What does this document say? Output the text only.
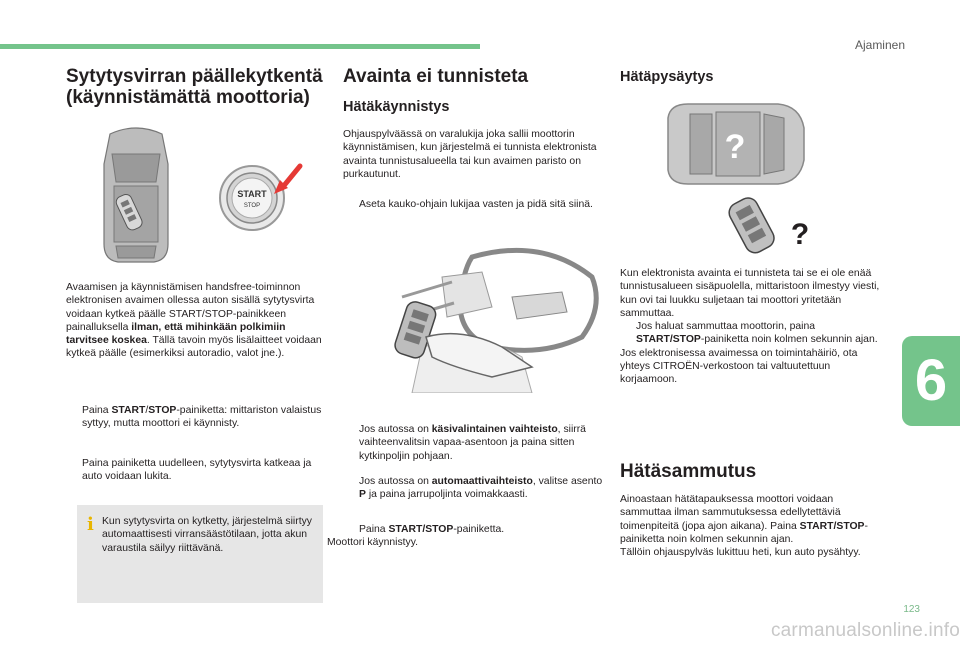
Ajaminen

Sytytysvirran päällekytkentä

(käynnistämättä moottoria)

START
STOP

Avaamisen ja käynnistämisen handsfree-toiminnon elektronisen avaimen ollessa auton sisällä sytytysvirta voidaan kytkeä päälle START/STOP-painikkeen painalluksella ilman, että mihinkään polkimiin tarvitsee koskea. Tällä tavoin myös lisälaitteet voidaan kytkeä päälle (esimerkiksi autoradio, valot jne.).

Paina START/STOP-painiketta: mittariston valaistus syttyy, mutta moottori ei käynnisty.

Paina painiketta uudelleen, sytytysvirta katkeaa ja auto voidaan lukita.

i Kun sytytysvirta on kytketty, järjestelmä siirtyy automaattisesti virransäästötilaan, jotta akun varaustila säilyy riittävänä.

Avainta ei tunnisteta

Hätäkäynnistys

Ohjauspylväässä on varalukija joka sallii moottorin käynnistämisen, kun järjestelmä ei tunnista elektronista avainta tunnistusalueella tai kun avaimen paristo on purkautunut.

Aseta kauko-ohjain lukijaa vasten ja pidä sitä siinä.

Jos autossa on käsivalintainen vaihteisto, siirrä vaihteenvalitsin vapaa-asentoon ja paina sitten kytkinpoljin pohjaan.

Jos autossa on automaattivaihteisto, valitse asento P ja paina jarrupoljinta voimakkaasti.

Paina START/STOP-painiketta.

Moottori käynnistyy.

Hätäpysäytys

?
?

Kun elektronista avainta ei tunnisteta tai se ei ole enää tunnistusalueen sisäpuolella, mittaristoon ilmestyy viesti, kun ovi tai luukku suljetaan tai moottori yritetään sammuttaa.

Jos haluat sammuttaa moottorin, paina START/STOP-painiketta noin kolmen sekunnin ajan.

Jos elektronisessa avaimessa on toimintahäiriö, ota yhteys CITROËN-verkostoon tai valtuutettuun korjaamoon.

Hätäsammutus

Ainoastaan hätätapauksessa moottori voidaan sammuttaa ilman sammutuksessa edellytettäviä toimenpiteitä (jopa ajon aikana). Paina START/STOP-painiketta noin kolmen sekunnin ajan.

Tällöin ohjauspylväs lukittuu heti, kun auto pysähtyy.

6
123
carmanualsonline.info
